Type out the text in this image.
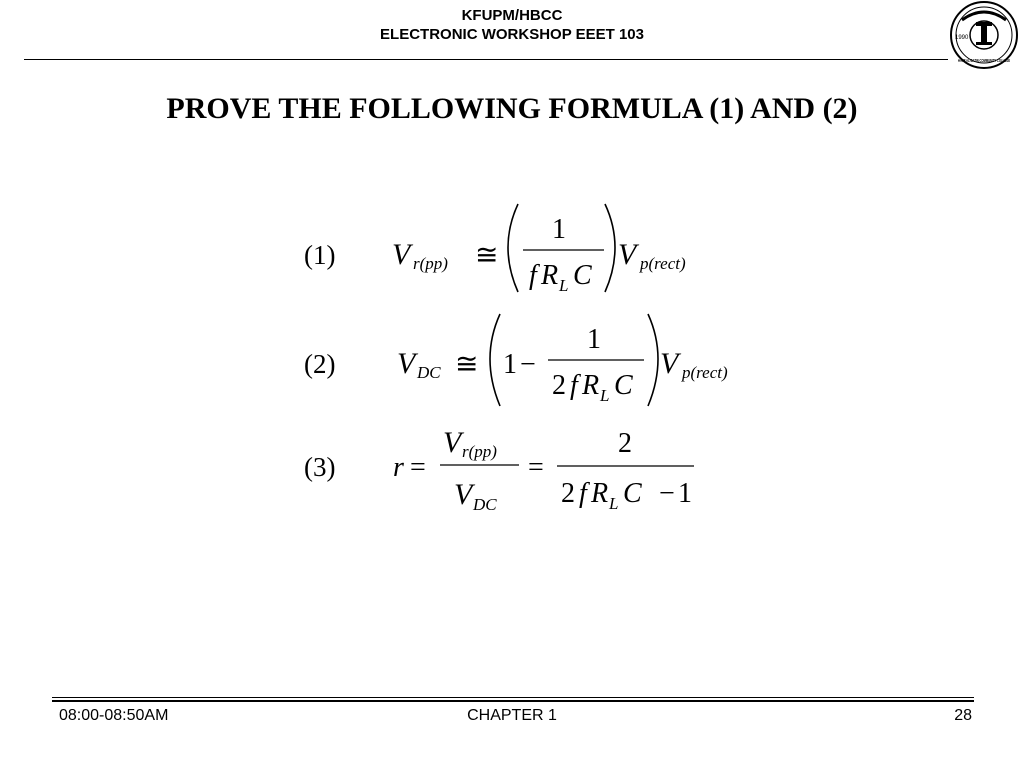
KFUPM/HBCC
ELECTRONIC WORKSHOP EEET 103	1990
HAFR AL-BATIN COMMUNITY COLLEGE
PROVE THE FOLLOWING FORMULA (1) AND (2)
(1) V r(pp) ≅
1
f R L C
V p(rect)
(2) V DC ≅ 1 −
1
2 f R L C
V p(rect)
(3) r =
V r(pp)
V DC
=
2
2 f R L C − 1
08:00-08:50AM	CHAPTER 1	28
